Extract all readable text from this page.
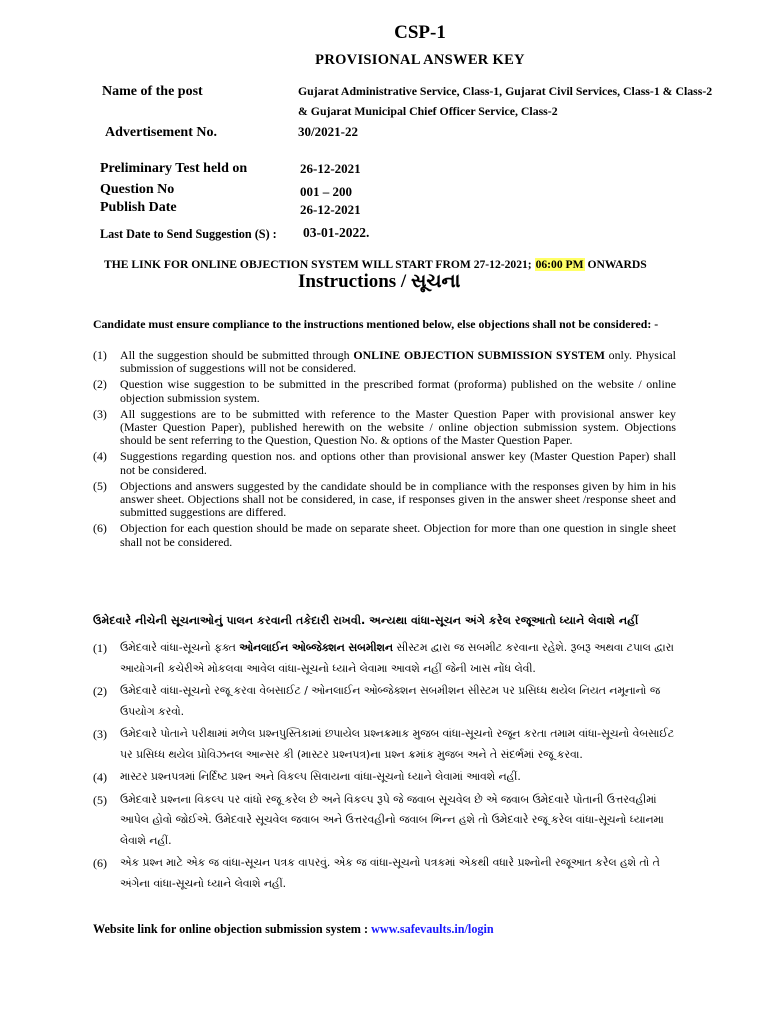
CSP-1
PROVISIONAL ANSWER KEY
Name of the post	Gujarat Administrative Service, Class-1, Gujarat Civil Services, Class-1 & Class-2
& Gujarat Municipal Chief Officer Service, Class-2
Advertisement No.	30/2021-22
Preliminary Test held on	26-12-2021
Question No	001 – 200
Publish Date	26-12-2021
Last Date to Send Suggestion (S) : 03-01-2022.
THE LINK FOR ONLINE OBJECTION SYSTEM WILL START FROM 27-12-2021; 06:00 PM ONWARDS
Instructions / સૂચના
Candidate must ensure compliance to the instructions mentioned below, else objections shall not be considered: -
(1) All the suggestion should be submitted through ONLINE OBJECTION SUBMISSION SYSTEM only. Physical submission of suggestions will not be considered.
(2) Question wise suggestion to be submitted in the prescribed format (proforma) published on the website / online objection submission system.
(3) All suggestions are to be submitted with reference to the Master Question Paper with provisional answer key (Master Question Paper), published herewith on the website / online objection submission system. Objections should be sent referring to the Question, Question No. & options of the Master Question Paper.
(4) Suggestions regarding question nos. and options other than provisional answer key (Master Question Paper) shall not be considered.
(5) Objections and answers suggested by the candidate should be in compliance with the responses given by him in his answer sheet. Objections shall not be considered, in case, if responses given in the answer sheet /response sheet and submitted suggestions are differed.
(6) Objection for each question should be made on separate sheet. Objection for more than one question in single sheet shall not be considered.
ઉમેદવારે નીચેની સૂચનાઓનું પાલન કરવાની તકેદારી રાખવી. અન્યથા વાંધા-સૂચન અંગે કરેલ રજૂઆતો ધ્યાને લેવાશે નહીં
(1) ઉમેદવારે વાંધા-સૂચનો ફક્ત ઓનલાઈન ઓબ્જેક્શન સબમીશન સીસ્ટમ દ્વારા જ સબમીટ કરવાના રહેશે. રૂબરૂ અથવા ટપાલ દ્વારા આયોગની કચેરીએ મોકલવા આવેલ વાંધા-સૂચનો ધ્યાને લેવામા આવશે નહીં જેની ખાસ નોંધ લેવી.
(2) ઉમેદવારે વાંધા-સૂચનો રજૂ કરવા વેબસાઈટ / ઓનલાઈન ઓબ્જેક્શન સબમીશન સીસ્ટમ પર પ્રસિધ્ધ થયેલ નિયત નમૂનાનો જ ઉપયોગ કરવો.
(3) ઉમેદવારે પોતાને પરીક્ષામાં મળેલ પ્રશ્નપુસ્તિકામાં છપાયેલ પ્રશ્નક્રમાક મુજબ વાંધા-સૂચનો રજૂન કરતા તમામ વાંધા-સૂચનો વેબસાઈટ પર પ્રસિધ્ધ થયેલ પ્રોવિઝનલ આન્સર કી (માસ્ટર પ્રશ્નપત્ર)ના પ્રશ્ન ક્રમાંક મુજબ અને તે સંદર્ભમાં રજૂ કરવા.
(4) માસ્ટર પ્રશ્નપત્રમાં નિર્દિષ્ટ પ્રશ્ન અને વિકલ્પ સિવાયના વાંધા-સૂચનો ધ્યાને લેવામાં આવશે નહીં.
(5) ઉમેદવારે પ્રશ્નના વિકલ્પ પર વાંધો રજૂ કરેલ છે અને વિકલ્પ રૂપે જે જવાબ સૂચવેલ છે એ જવાબ ઉમેદવારે પોતાની ઉત્તરવહીમાં આપેલ હોવો જોઈએ. ઉમેદવારે સૂચવેલ જવાબ અને ઉત્તરવહીનો જવાબ ભિન્ન હશે તો ઉમેદવારે રજૂ કરેલ વાંધા-સૂચનો ધ્યાનમા લેવાશે નહીં.
(6) એક પ્રશ્ન માટે એક જ વાંધા-સૂચન પત્રક વાપરવું. એક જ વાંધા-સૂચનો પત્રકમાં એકથી વધારે પ્રશ્નોની રજૂઆત કરેલ હશે તો તે અંગેના વાંધા-સૂચનો ધ્યાને લેવાશે નહીં.
Website link for online objection submission system : www.safevaults.in/login
